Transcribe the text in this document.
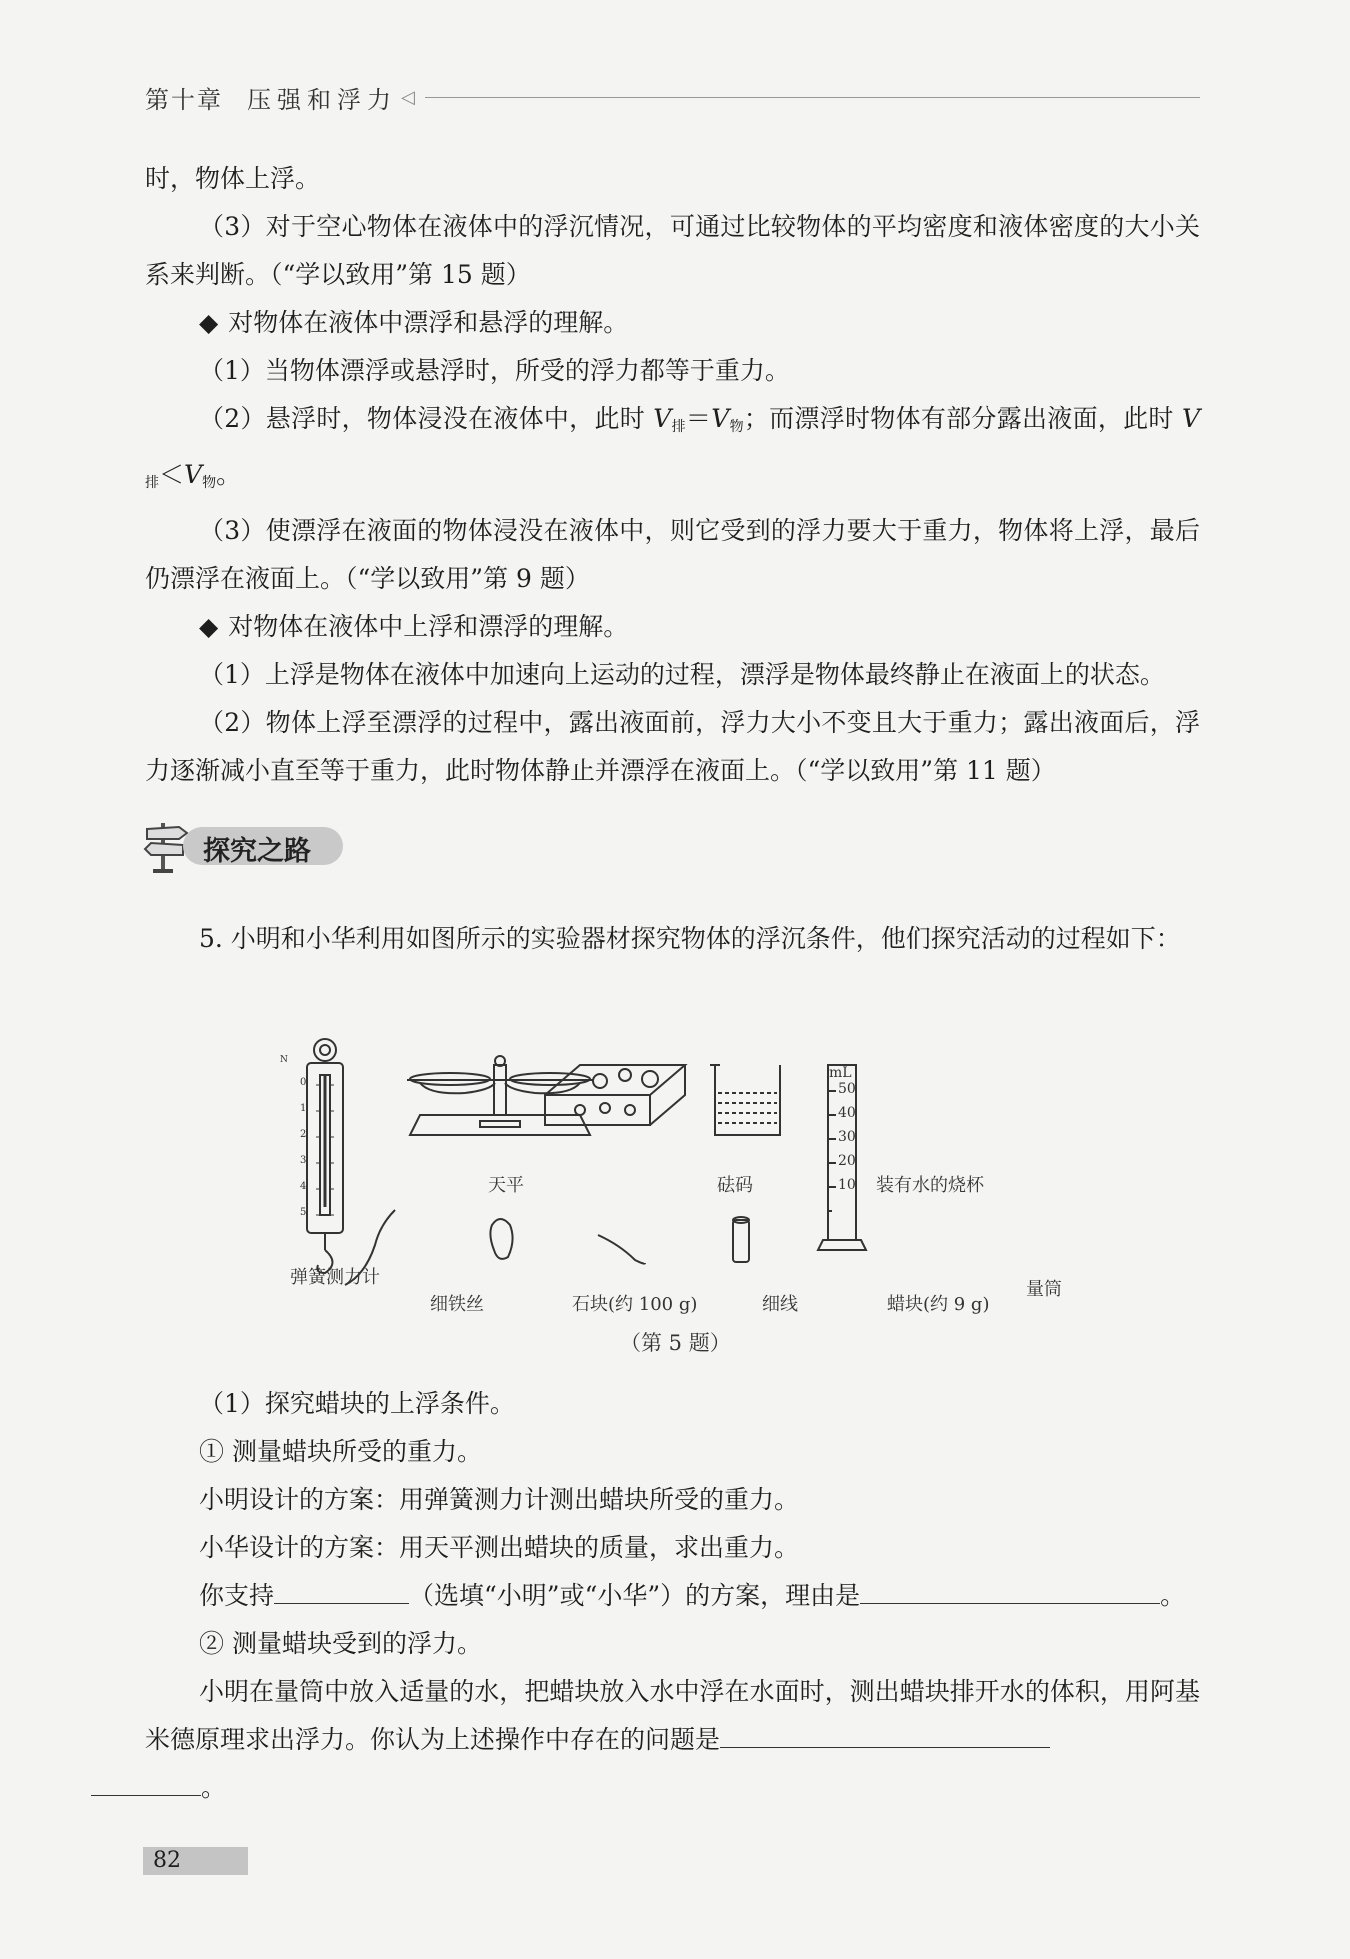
第十章 压强和浮力 ◁

时，物体上浮。

（3）对于空心物体在液体中的浮沉情况，可通过比较物体的平均密度和液体密度的大小关系来判断。（“学以致用”第 15 题）

◆ 对物体在液体中漂浮和悬浮的理解。

（1）当物体漂浮或悬浮时，所受的浮力都等于重力。

（2）悬浮时，物体浸没在液体中，此时 $V_排=V_物$；而漂浮时物体有部分露出液面，此时 $V_排<V_物$。

（3）使漂浮在液面的物体浸没在液体中，则它受到的浮力要大于重力，物体将上浮，最后仍漂浮在液面上。（“学以致用”第 9 题）

◆ 对物体在液体中上浮和漂浮的理解。

（1）上浮是物体在液体中加速向上运动的过程，漂浮是物体最终静止在液面上的状态。

（2）物体上浮至漂浮的过程中，露出液面前，浮力大小不变且大于重力；露出液面后，浮力逐渐减小直至等于重力，此时物体静止并漂浮在液面上。（“学以致用”第 11 题）

探究之路

5. 小明和小华利用如图所示的实验器材探究物体的浮沉条件，他们探究活动的过程如下：

N
0
1
2
3
4
5
mL
50
40
30
20
10
天平	砝码	装有水的烧杯
弹簧测力计
细铁丝	石块(约 100 g)	细线	蜡块(约 9 g)
量筒
（第 5 题）

（1）探究蜡块的上浮条件。

① 测量蜡块所受的重力。

小明设计的方案：用弹簧测力计测出蜡块所受的重力。

小华设计的方案：用天平测出蜡块的质量，求出重力。

你支持	（选填“小明”或“小华”）的方案，理由是	。

② 测量蜡块受到的浮力。

小明在量筒中放入适量的水，把蜡块放入水中浮在水面时，测出蜡块排开水的体积，用阿基米德原理求出浮力。你认为上述操作中存在的问题是
。

82
